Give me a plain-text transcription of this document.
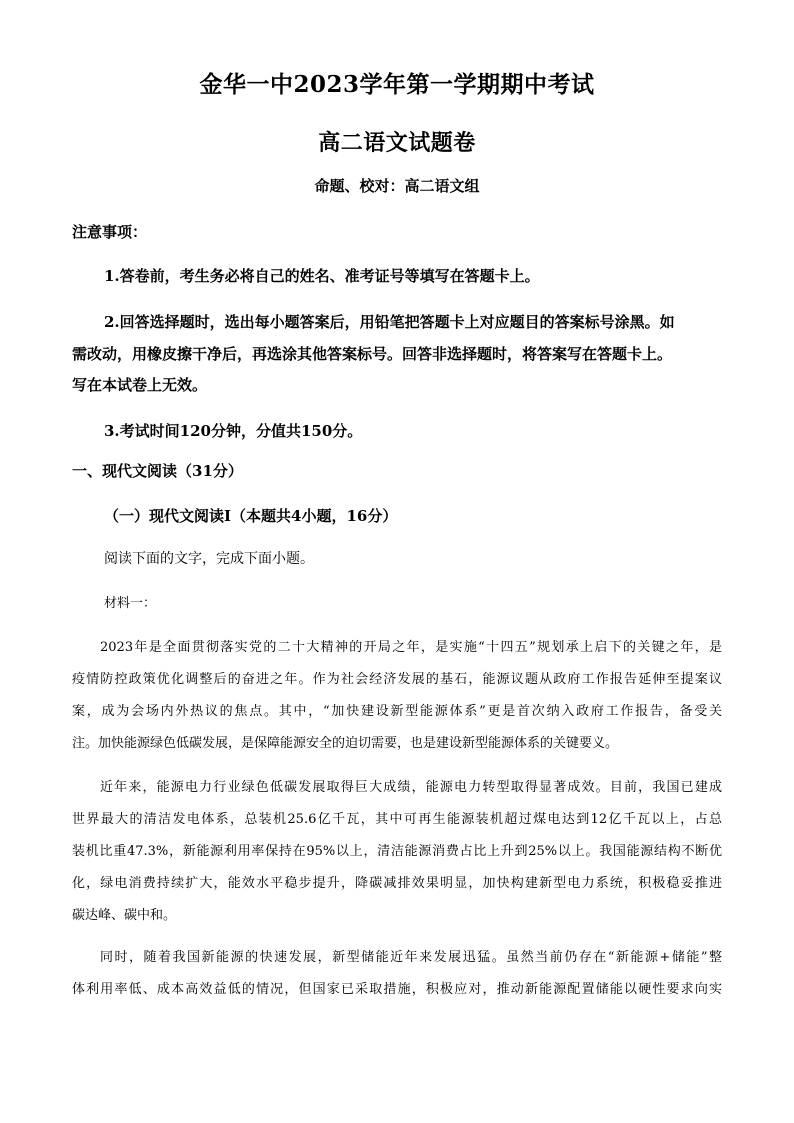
金华一中2023学年第一学期期中考试
高二语文试题卷
命题、校对：高二语文组
注意事项：
1.答卷前，考生务必将自己的姓名、准考证号等填写在答题卡上。
2.回答选择题时，选出每小题答案后，用铅笔把答题卡上对应题目的答案标号涂黑。如
需改动，用橡皮擦干净后，再选涂其他答案标号。回答非选择题时，将答案写在答题卡上。
写在本试卷上无效。
3.考试时间120分钟，分值共150分。
一、现代文阅读（31分）
（一）现代文阅读Ⅰ（本题共4小题，16分）
阅读下面的文字，完成下面小题。
材料一：
2023年是全面贯彻落实党的二十大精神的开局之年，是实施“十四五”规划承上启下的关键之年，是
疫情防控政策优化调整后的奋进之年。作为社会经济发展的基石，能源议题从政府工作报告延伸至提案议
案，成为会场内外热议的焦点。其中，“加快建设新型能源体系”更是首次纳入政府工作报告，备受关
注。加快能源绿色低碳发展，是保障能源安全的迫切需要，也是建设新型能源体系的关键要义。
近年来，能源电力行业绿色低碳发展取得巨大成绩，能源电力转型取得显著成效。目前，我国已建成
世界最大的清洁发电体系，总装机25.6亿千瓦，其中可再生能源装机超过煤电达到12亿千瓦以上，占总
装机比重47.3%，新能源利用率保持在95%以上，清洁能源消费占比上升到25%以上。我国能源结构不断优
化，绿电消费持续扩大，能效水平稳步提升，降碳减排效果明显，加快构建新型电力系统，积极稳妥推进
碳达峰、碳中和。
同时，随着我国新能源的快速发展，新型储能近年来发展迅猛。虽然当前仍存在“新能源+储能”整
体利用率低、成本高效益低的情况，但国家已采取措施，积极应对，推动新能源配置储能以硬性要求向实
